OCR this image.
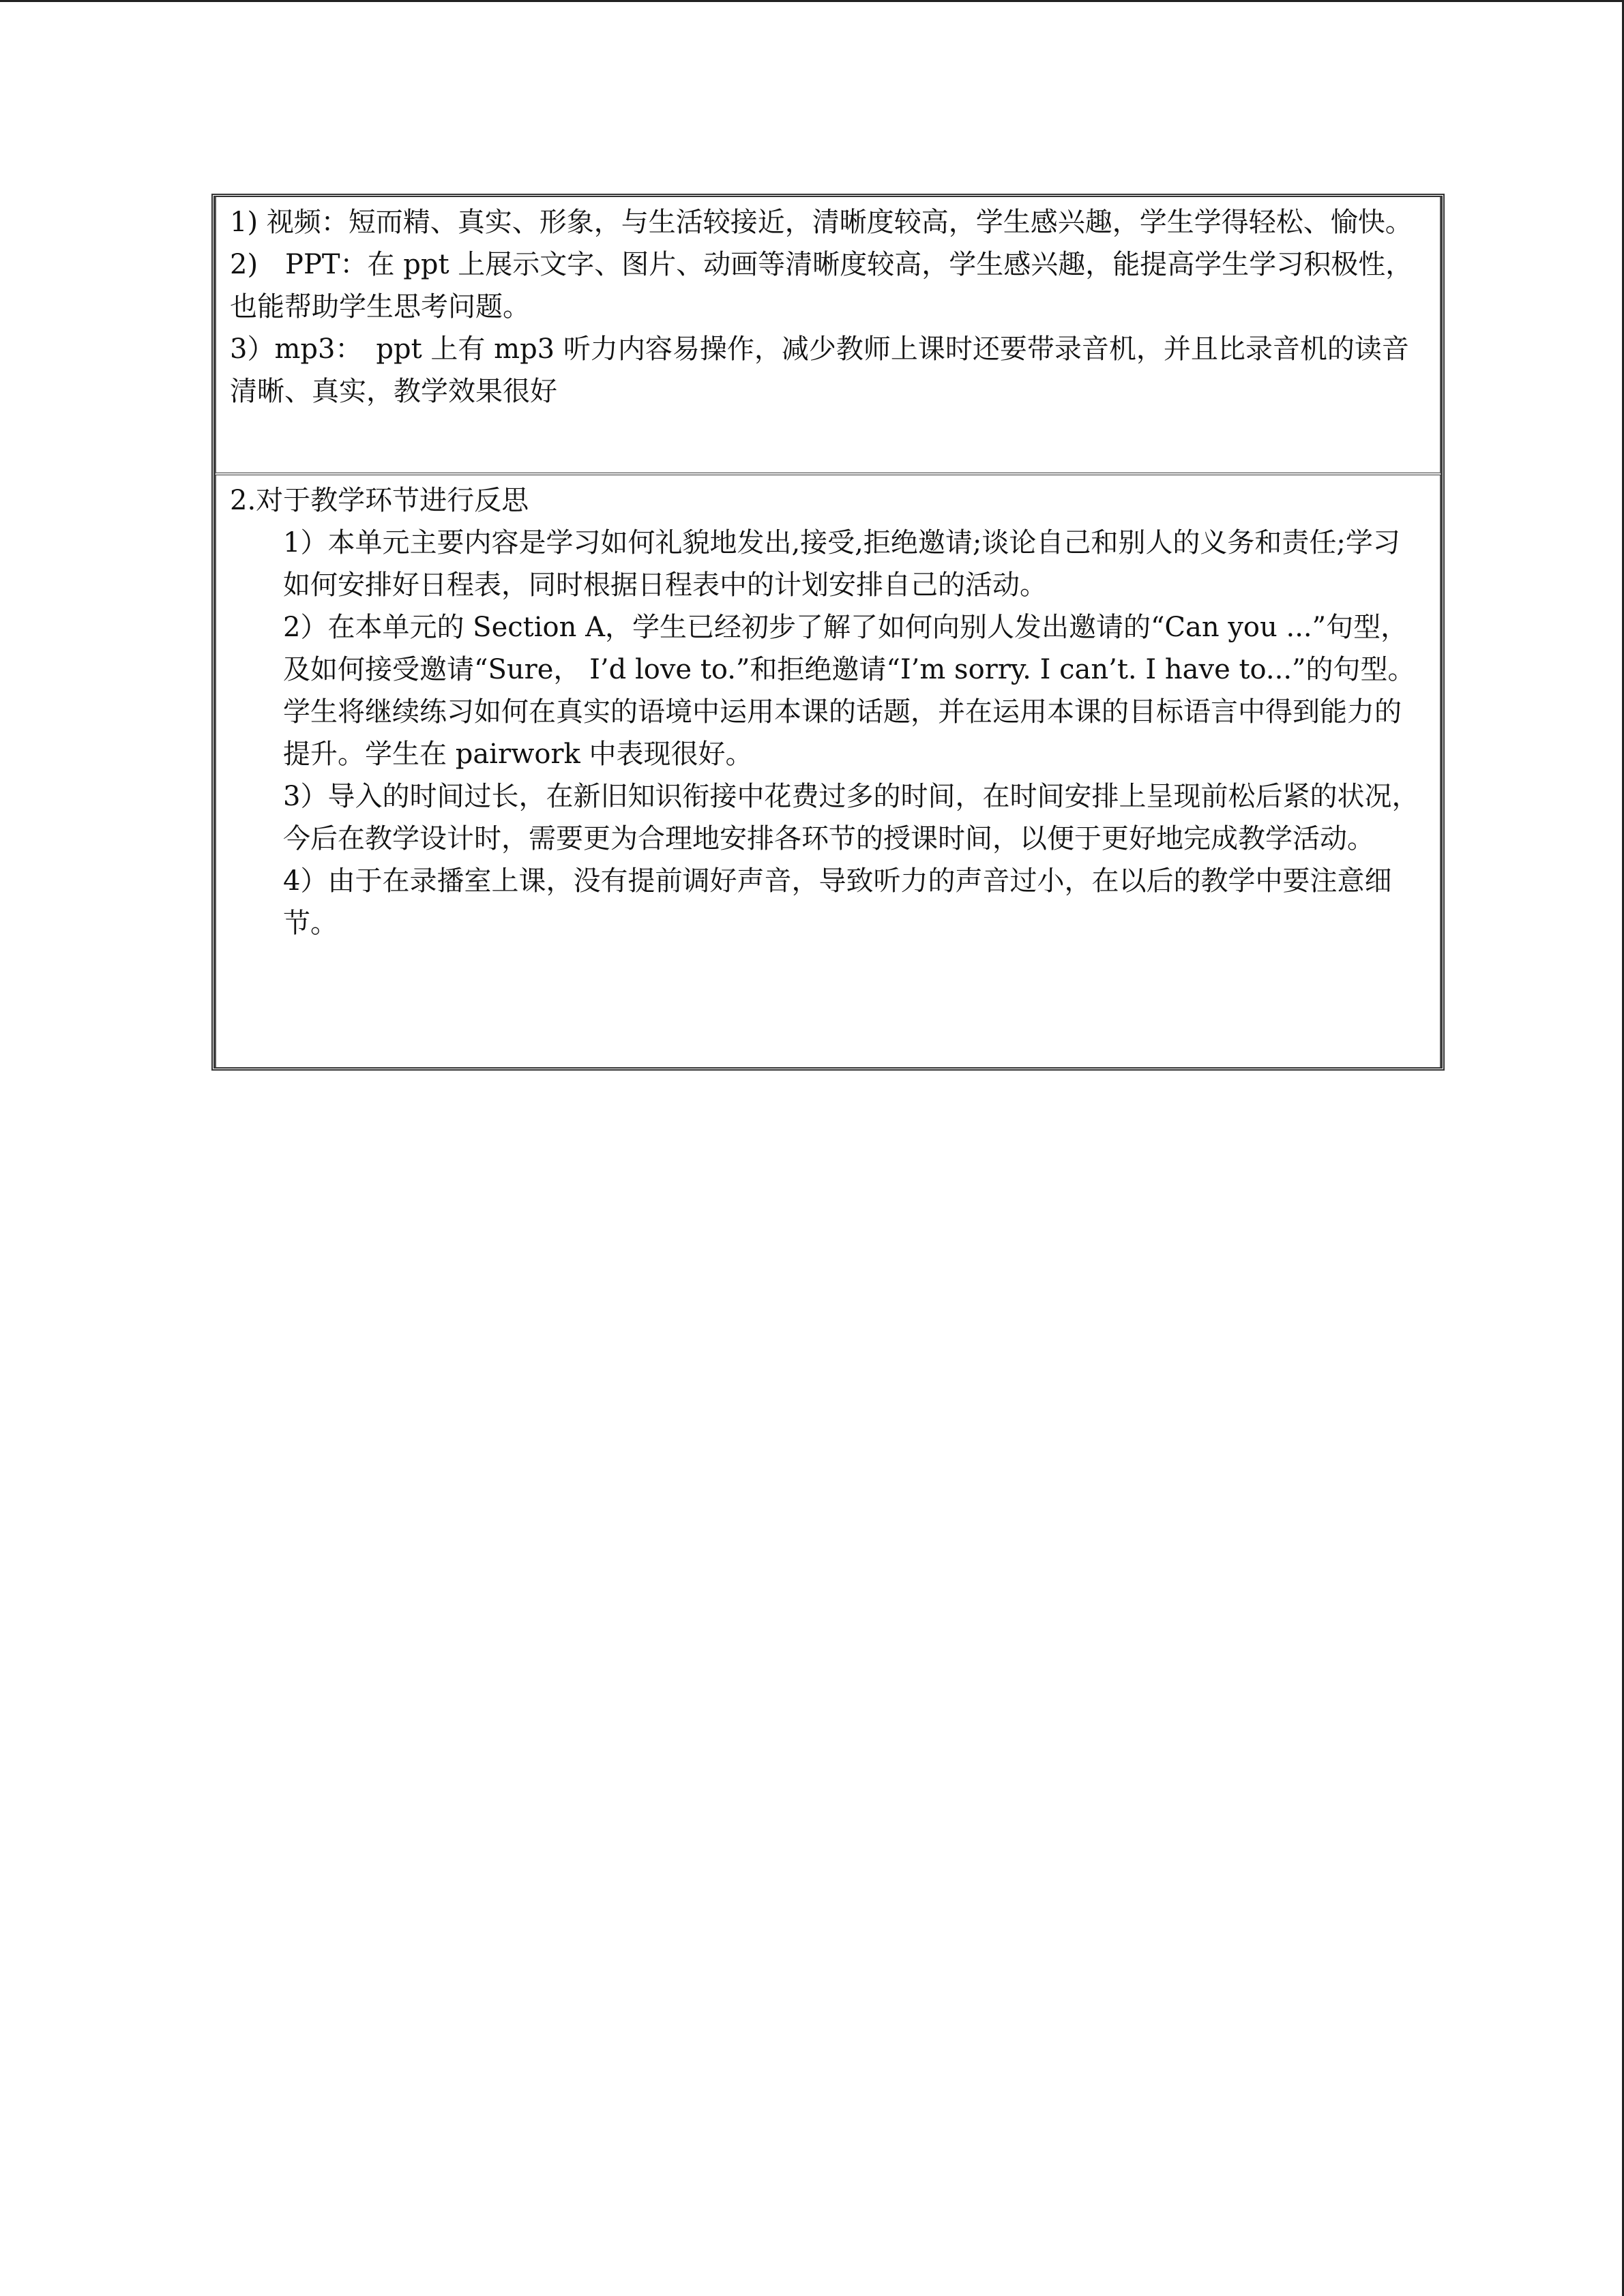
1) 视频：短而精、真实、形象，与生活较接近，清晰度较高，学生感兴趣，学生学得轻松、愉快。
2)　PPT：在 ppt 上展示文字、图片、动画等清晰度较高，学生感兴趣，能提高学生学习积极性，也能帮助学生思考问题。
3）mp3：　ppt 上有 mp3 听力内容易操作，减少教师上课时还要带录音机，并且比录音机的读音清晰、真实，教学效果很好
2.对于教学环节进行反思
1）本单元主要内容是学习如何礼貌地发出,接受,拒绝邀请;谈论自己和别人的义务和责任;学习如何安排好日程表，同时根据日程表中的计划安排自己的活动。
2）在本单元的 Section A，学生已经初步了解了如何向别人发出邀请的“Can you ...”句型，及如何接受邀请“Sure， I’d love to.”和拒绝邀请“I’m sorry. I can’t. I have to...”的句型。学生将继续练习如何在真实的语境中运用本课的话题，并在运用本课的目标语言中得到能力的提升。学生在 pairwork 中表现很好。
3）导入的时间过长，在新旧知识衔接中花费过多的时间，在时间安排上呈现前松后紧的状况，今后在教学设计时，需要更为合理地安排各环节的授课时间，以便于更好地完成教学活动。
4）由于在录播室上课，没有提前调好声音，导致听力的声音过小，在以后的教学中要注意细节。
